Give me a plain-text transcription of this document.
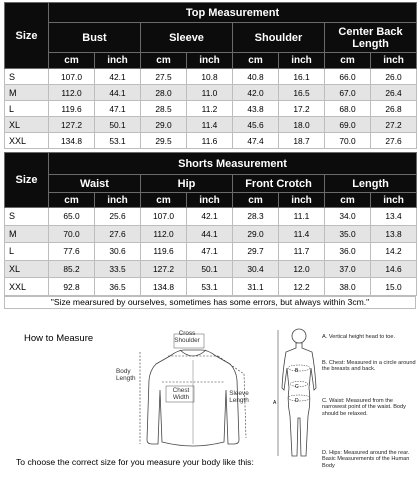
Size	Top Measurement							
	Bust		Sleeve		Shoulder		Center Back Length	
	cm	inch	cm	inch	cm	inch	cm	inch
S	107.0	42.1	27.5	10.8	40.8	16.1	66.0	26.0
M	112.0	44.1	28.0	11.0	42.0	16.5	67.0	26.4
L	119.6	47.1	28.5	11.2	43.8	17.2	68.0	26.8
XL	127.2	50.1	29.0	11.4	45.6	18.0	69.0	27.2
XXL	134.8	53.1	29.5	11.6	47.4	18.7	70.0	27.6
Size	Shorts Measurement							
	Waist		Hip		Front Crotch		Length	
	cm	inch	cm	inch	cm	inch	cm	inch
S	65.0	25.6	107.0	42.1	28.3	11.1	34.0	13.4
M	70.0	27.6	112.0	44.1	29.0	11.4	35.0	13.8
L	77.6	30.6	119.6	47.1	29.7	11.7	36.0	14.2
XL	85.2	33.5	127.2	50.1	30.4	12.0	37.0	14.6
XXL	92.8	36.5	134.8	53.1	31.1	12.2	38.0	15.0
"Size mearsured by ourselves, sometimes has some errors, but always within 3cm."
How to Measure	Cross
Shoulder
Body
Length
Chest
Width
Sleeve
Length	A
B
C
D
A. Vertical height head to toe.
B. Chest: Measured in a circle around the breasts and back.
C. Waist: Measured from the narrowest point of the waist. Body should be relaxed.
D. Hips: Measured around the rear. Basic Measurements of the Human Body
To choose the correct size for you measure your body like this:
